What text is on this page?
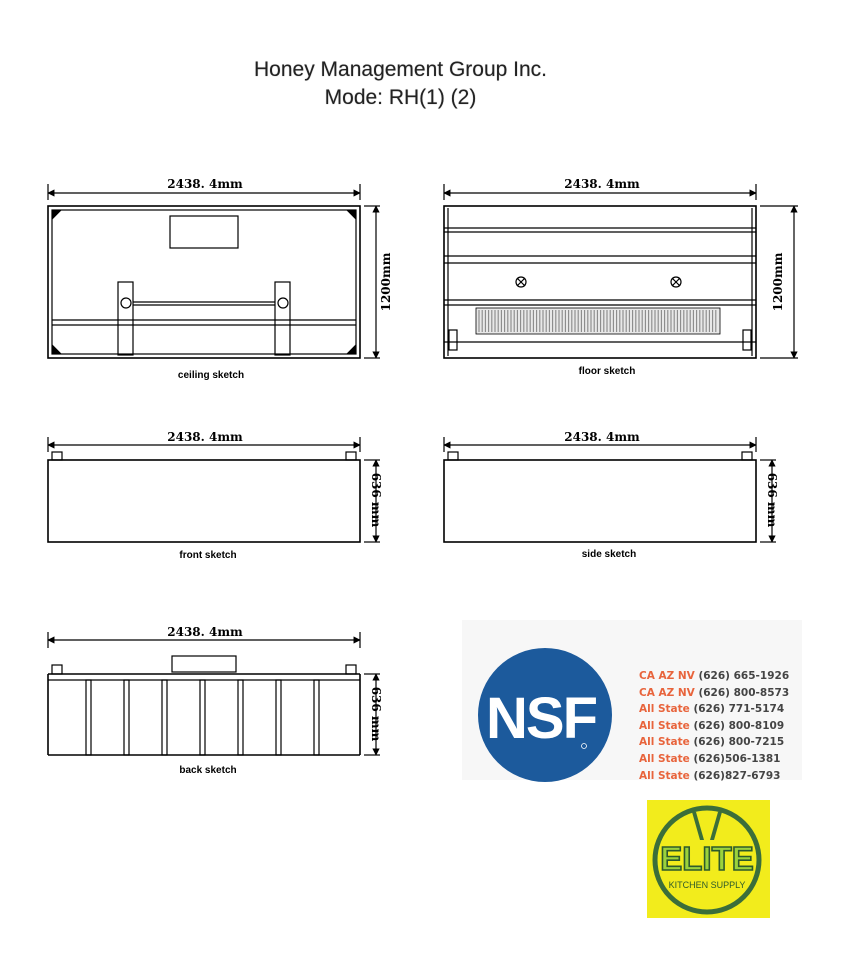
Honey Management Group Inc.
Mode: RH(1) (2)
2438. 4mm
1200mm
ceiling sketch
2438. 4mm
1200mm
floor sketch
2438. 4mm
636 mm
front sketch
2438. 4mm
636 mm
side sketch
2438. 4mm
636 mm
back sketch
NSF
ELITE
KITCHEN SUPPLY
CA AZ NV (626) 665-1926
CA AZ NV (626) 800-8573
All State (626) 771-5174
All State (626) 800-8109
All State (626) 800-7215
All State (626)506-1381
All State (626)827-6793
